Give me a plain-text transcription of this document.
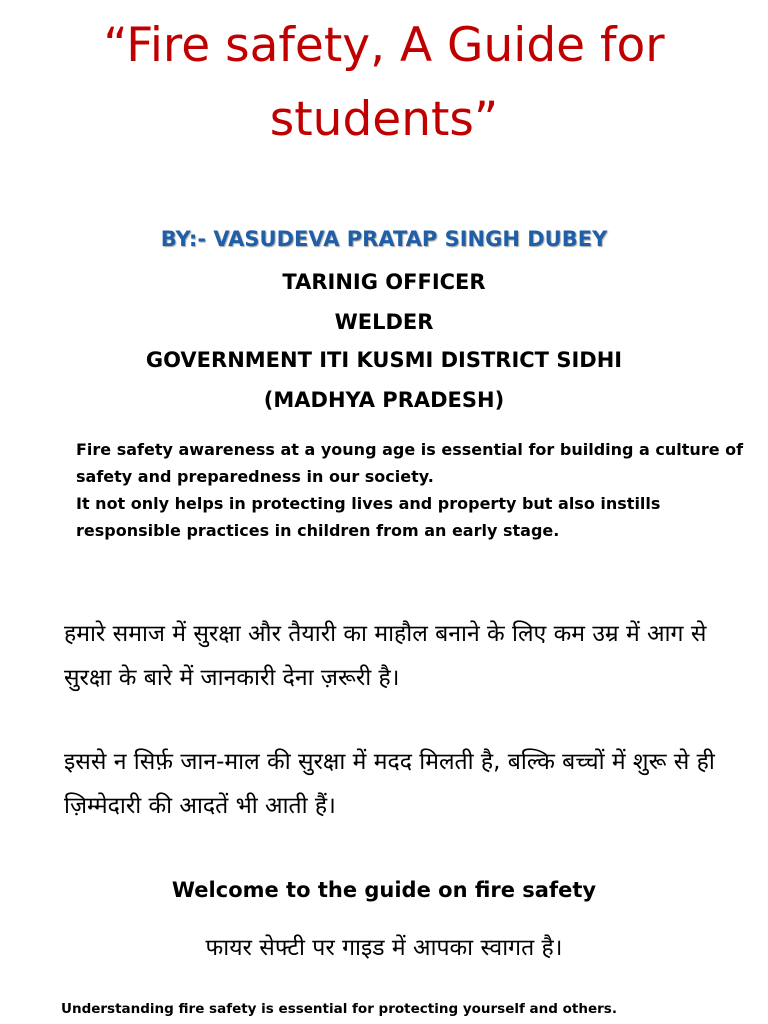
“Fire safety, A Guide for
students”
BY:- VASUDEVA PRATAP SINGH DUBEY
TARINIG OFFICER
WELDER
GOVERNMENT ITI KUSMI DISTRICT SIDHI
(MADHYA PRADESH)
Fire safety awareness at a young age is essential for building a culture of safety and preparedness in our society.
It not only helps in protecting lives and property but also instills responsible practices in children from an early stage.
हमारे समाज में सुरक्षा और तैयारी का माहौल बनाने के लिए कम उम्र में आग से सुरक्षा के बारे में जानकारी देना ज़रूरी है।
इससे न सिर्फ़ जान-माल की सुरक्षा में मदद मिलती है, बल्कि बच्चों में शुरू से ही ज़िम्मेदारी की आदतें भी आती हैं।
Welcome to the guide on fire safety
फायर सेफ्टी पर गाइड में आपका स्वागत है।
Understanding fire safety is essential for protecting yourself and others.
